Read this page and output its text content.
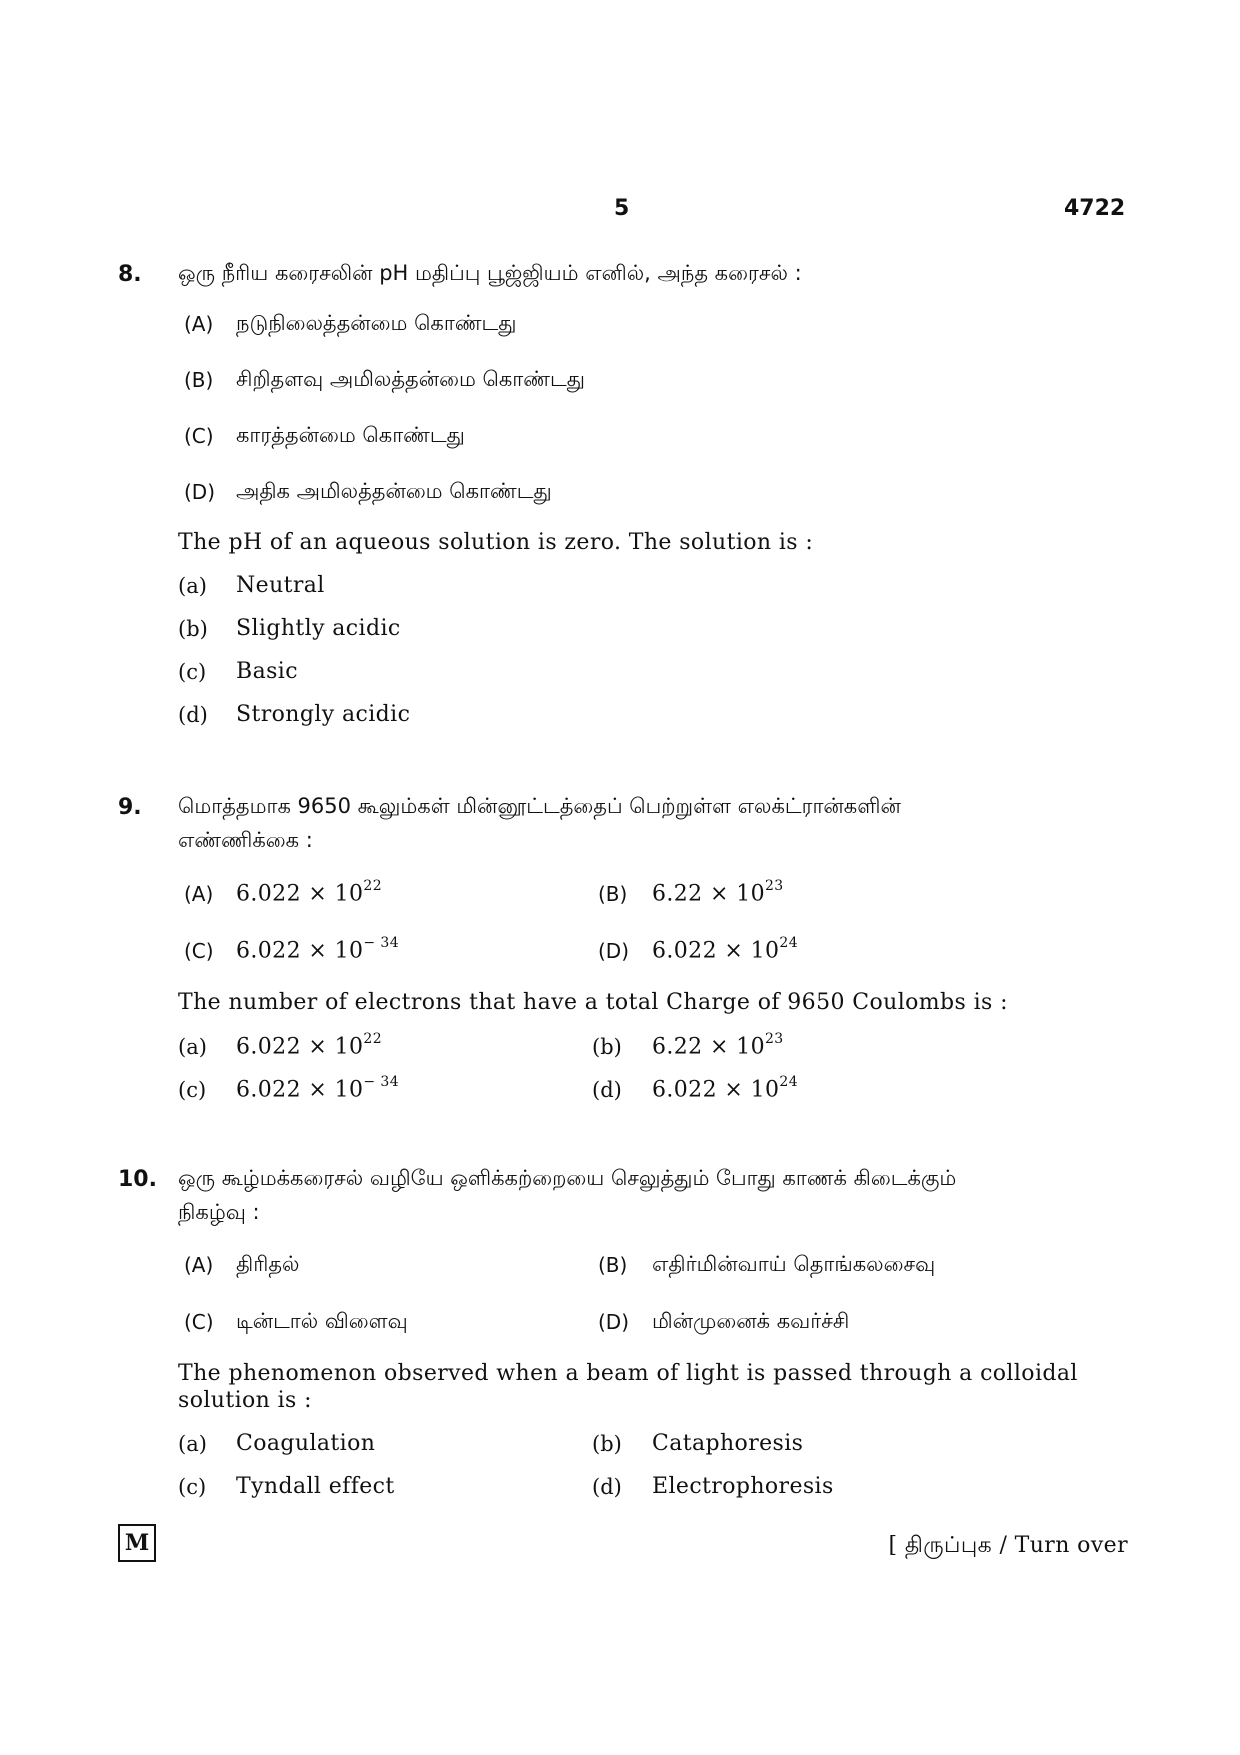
5	4722
8. ஒரு நீரிய கரைசலின் pH மதிப்பு பூஜ்ஜியம் எனில், அந்த கரைசல் :
(A) நடுநிலைத்தன்மை கொண்டது
(B) சிறிதளவு அமிலத்தன்மை கொண்டது
(C) காரத்தன்மை கொண்டது
(D) அதிக அமிலத்தன்மை கொண்டது
The pH of an aqueous solution is zero. The solution is :
(a) Neutral
(b) Slightly acidic
(c) Basic
(d) Strongly acidic
9. மொத்தமாக 9650 கூலும்கள் மின்னூட்டத்தைப் பெற்றுள்ள எலக்ட்ரான்களின்
எண்ணிக்கை :
(A) $6.022 \times 10^{22}$	(B) $6.22 \times 10^{23}$
(C) $6.022 \times 10^{- 34}$	(D) $6.022 \times 10^{24}$
The number of electrons that have a total Charge of 9650 Coulombs is :
(a) $6.022 \times 10^{22}$	(b) $6.22 \times 10^{23}$
(c) $6.022 \times 10^{- 34}$	(d) $6.022 \times 10^{24}$
10. ஒரு கூழ்மக்கரைசல் வழியே ஒளிக்கற்றையை செலுத்தும் போது காணக் கிடைக்கும்
நிகழ்வு :
(A) திரிதல்	(B) எதிர்மின்வாய் தொங்கலசைவு
(C) டின்டால் விளைவு	(D) மின்முனைக் கவர்ச்சி
The phenomenon observed when a beam of light is passed through a colloidal
solution is :
(a) Coagulation	(b) Cataphoresis
(c) Tyndall effect	(d) Electrophoresis
M	[ திருப்புக / Turn over
